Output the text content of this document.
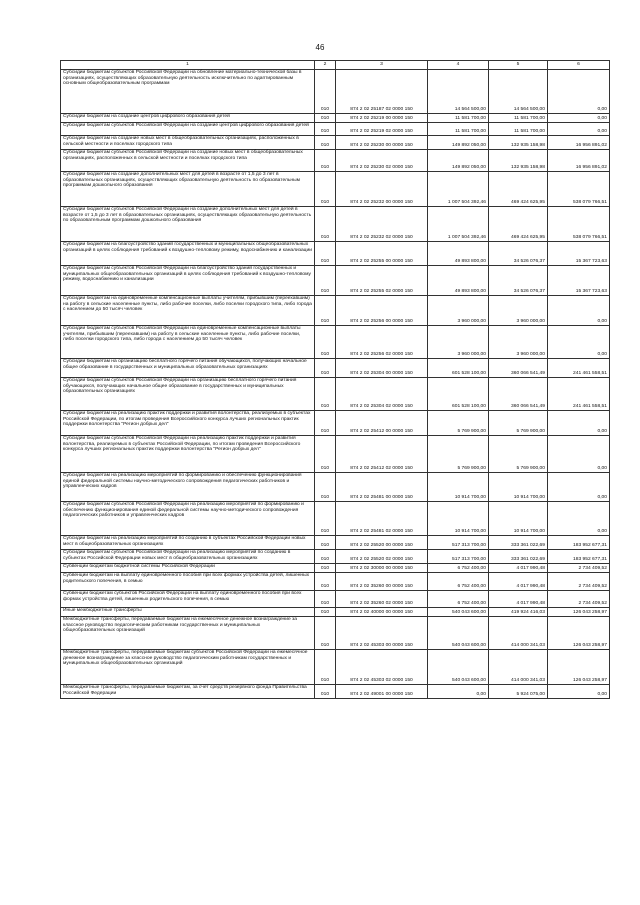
46
1	2	3	4	5	6
Субсидии бюджетам субъектов Российской Федерации на обновление материально-технической базы в организациях, осуществляющих образовательную деятельность исключительно по адаптированным основным общеобразовательным программам	010	874 2 02 25187 02 0000 150	14 564 500,00	14 564 500,00	0,00
Субсидии бюджетам на создание центров цифрового образования детей	010	874 2 02 25219 00 0000 150	11 581 700,00	11 581 700,00	0,00
Субсидии бюджетам субъектов Российской Федерации на создание центров цифрового образования детей	010	874 2 02 25219 02 0000 150	11 581 700,00	11 581 700,00	0,00
Субсидии бюджетам на создание новых мест в общеобразовательных организациях, расположенных в сельской местности и поселках городского типа	010	874 2 02 25230 00 0000 150	149 892 050,00	132 935 158,98	16 956 891,02
Субсидии бюджетам субъектов Российской Федерации на создание новых мест в общеобразовательных организациях, расположенных в сельской местности и поселках городского типа	010	874 2 02 25230 02 0000 150	149 892 050,00	132 935 158,98	16 956 891,02
Субсидии бюджетам на создание дополнительных мест для детей в возрасте от 1,5 до 3 лет в образовательных организациях, осуществляющих образовательную деятельность по образовательным программам дошкольного образования	010	874 2 02 25232 00 0000 150	1 007 504 392,46	469 424 625,95	538 079 766,51
Субсидии бюджетам субъектов Российской Федерации на создание дополнительных мест для детей в возрасте от 1,5 до 3 лет в образовательных организациях, осуществляющих образовательную деятельность по образовательным программам дошкольного образования	010	874 2 02 25232 02 0000 150	1 007 504 392,46	469 424 625,95	538 079 766,51
Субсидии бюджетам на благоустройство зданий государственных и муниципальных общеобразовательных организаций в целях соблюдения требований к воздушно-тепловому режиму, водоснабжению и канализации	010	874 2 02 25255 00 0000 150	49 893 800,00	34 526 076,37	15 367 723,63
Субсидии бюджетам субъектов Российской Федерации на благоустройство зданий государственных и муниципальных общеобразовательных организаций в целях соблюдения требований к воздушно-тепловому режиму, водоснабжению и канализации	010	874 2 02 25255 02 0000 150	49 893 800,00	34 526 076,37	15 367 723,63
Субсидии бюджетам на единовременные компенсационные выплаты учителям, прибывшим (переехавшим) на работу в сельские населенные пункты, либо рабочие поселки, либо поселки городского типа, либо города с населением до 50 тысяч человек	010	874 2 02 25256 00 0000 150	3 960 000,00	3 960 000,00	0,00
Субсидии бюджетам субъектов Российской Федерации на единовременные компенсационные выплаты учителям, прибывшим (переехавшим) на работу в сельские населенные пункты, либо рабочие поселки, либо поселки городского типа, либо города с населением до 50 тысяч человек	010	874 2 02 25256 02 0000 150	3 960 000,00	3 960 000,00	0,00
Субсидии бюджетам на организацию бесплатного горячего питания обучающихся, получающих начальное общее образование в государственных и муниципальных образовательных организациях	010	874 2 02 25304 00 0000 150	601 528 100,00	360 066 541,49	241 461 558,51
Субсидии бюджетам субъектов Российской Федерации на организацию бесплатного горячего питания обучающихся, получающих начальное общее образование в государственных и муниципальных образовательных организациях	010	874 2 02 25304 02 0000 150	601 528 100,00	360 066 541,49	241 461 558,51
Субсидии бюджетам на реализацию практик поддержки и развития волонтерства, реализуемых в субъектах Российской Федерации, по итогам проведения Всероссийского конкурса лучших региональных практик поддержки волонтерства "Регион добрых дел"	010	874 2 02 25412 00 0000 150	5 769 900,00	5 769 900,00	0,00
Субсидии бюджетам субъектов Российской Федерации на реализацию практик поддержки и развития волонтерства, реализуемых в субъектах Российской Федерации, по итогам проведения Всероссийского конкурса лучших региональных практик поддержки волонтерства "Регион добрых дел"	010	874 2 02 25412 02 0000 150	5 769 900,00	5 769 900,00	0,00
Субсидии бюджетам на реализацию мероприятий по формированию и обеспечению функционирования единой федеральной системы научно-методического сопровождения педагогических работников и управленческих кадров	010	874 2 02 25481 00 0000 150	10 914 700,00	10 914 700,00	0,00
Субсидии бюджетам субъектов Российской Федерации на реализацию мероприятий по формированию и обеспечению функционирования единой федеральной системы научно-методического сопровождения педагогических работников и управленческих кадров	010	874 2 02 25481 02 0000 150	10 914 700,00	10 914 700,00	0,00
Субсидии бюджетам на реализацию мероприятий по созданию в субъектах Российской Федерации новых мест в общеобразовательных организациях	010	874 2 02 25520 00 0000 150	517 313 700,00	333 361 022,69	183 952 677,31
Субсидии бюджетам субъектов Российской Федерации на реализацию мероприятий по созданию в субъектах Российской Федерации новых мест в общеобразовательных организациях	010	874 2 02 25520 02 0000 150	517 313 700,00	333 361 022,69	183 952 677,31
Субвенции бюджетам бюджетной системы Российской Федерации	010	874 2 02 30000 00 0000 150	6 752 400,00	4 017 990,48	2 734 409,52
Субвенции бюджетам на выплату единовременного пособия при всех формах устройства детей, лишенных родительского попечения, в семью	010	874 2 02 35260 00 0000 150	6 752 400,00	4 017 990,48	2 734 409,52
Субвенции бюджетам субъектов Российской Федерации на выплату единовременного пособия при всех формах устройства детей, лишенных родительского попечения, в семью	010	874 2 02 35260 02 0000 150	6 752 400,00	4 017 990,48	2 734 409,52
Иные межбюджетные трансферты	010	874 2 02 40000 00 0000 150	540 043 600,00	419 924 416,03	126 043 258,97
Межбюджетные трансферты, передаваемые бюджетам на ежемесячное денежное вознаграждение за классное руководство педагогическим работникам государственных и муниципальных общеобразовательных организаций	010	874 2 02 45303 00 0000 150	540 043 600,00	414 000 341,03	126 043 258,97
Межбюджетные трансферты, передаваемые бюджетам субъектов Российской Федерации на ежемесячное денежное вознаграждение за классное руководство педагогическим работникам государственных и муниципальных общеобразовательных организаций	010	874 2 02 45303 02 0000 150	540 043 600,00	414 000 341,03	126 043 258,97
Межбюджетные трансферты, передаваемые бюджетам, за счет средств резервного фонда Правительства Российской Федерации	010	874 2 02 49001 00 0000 150	0,00	5 924 075,00	0,00
